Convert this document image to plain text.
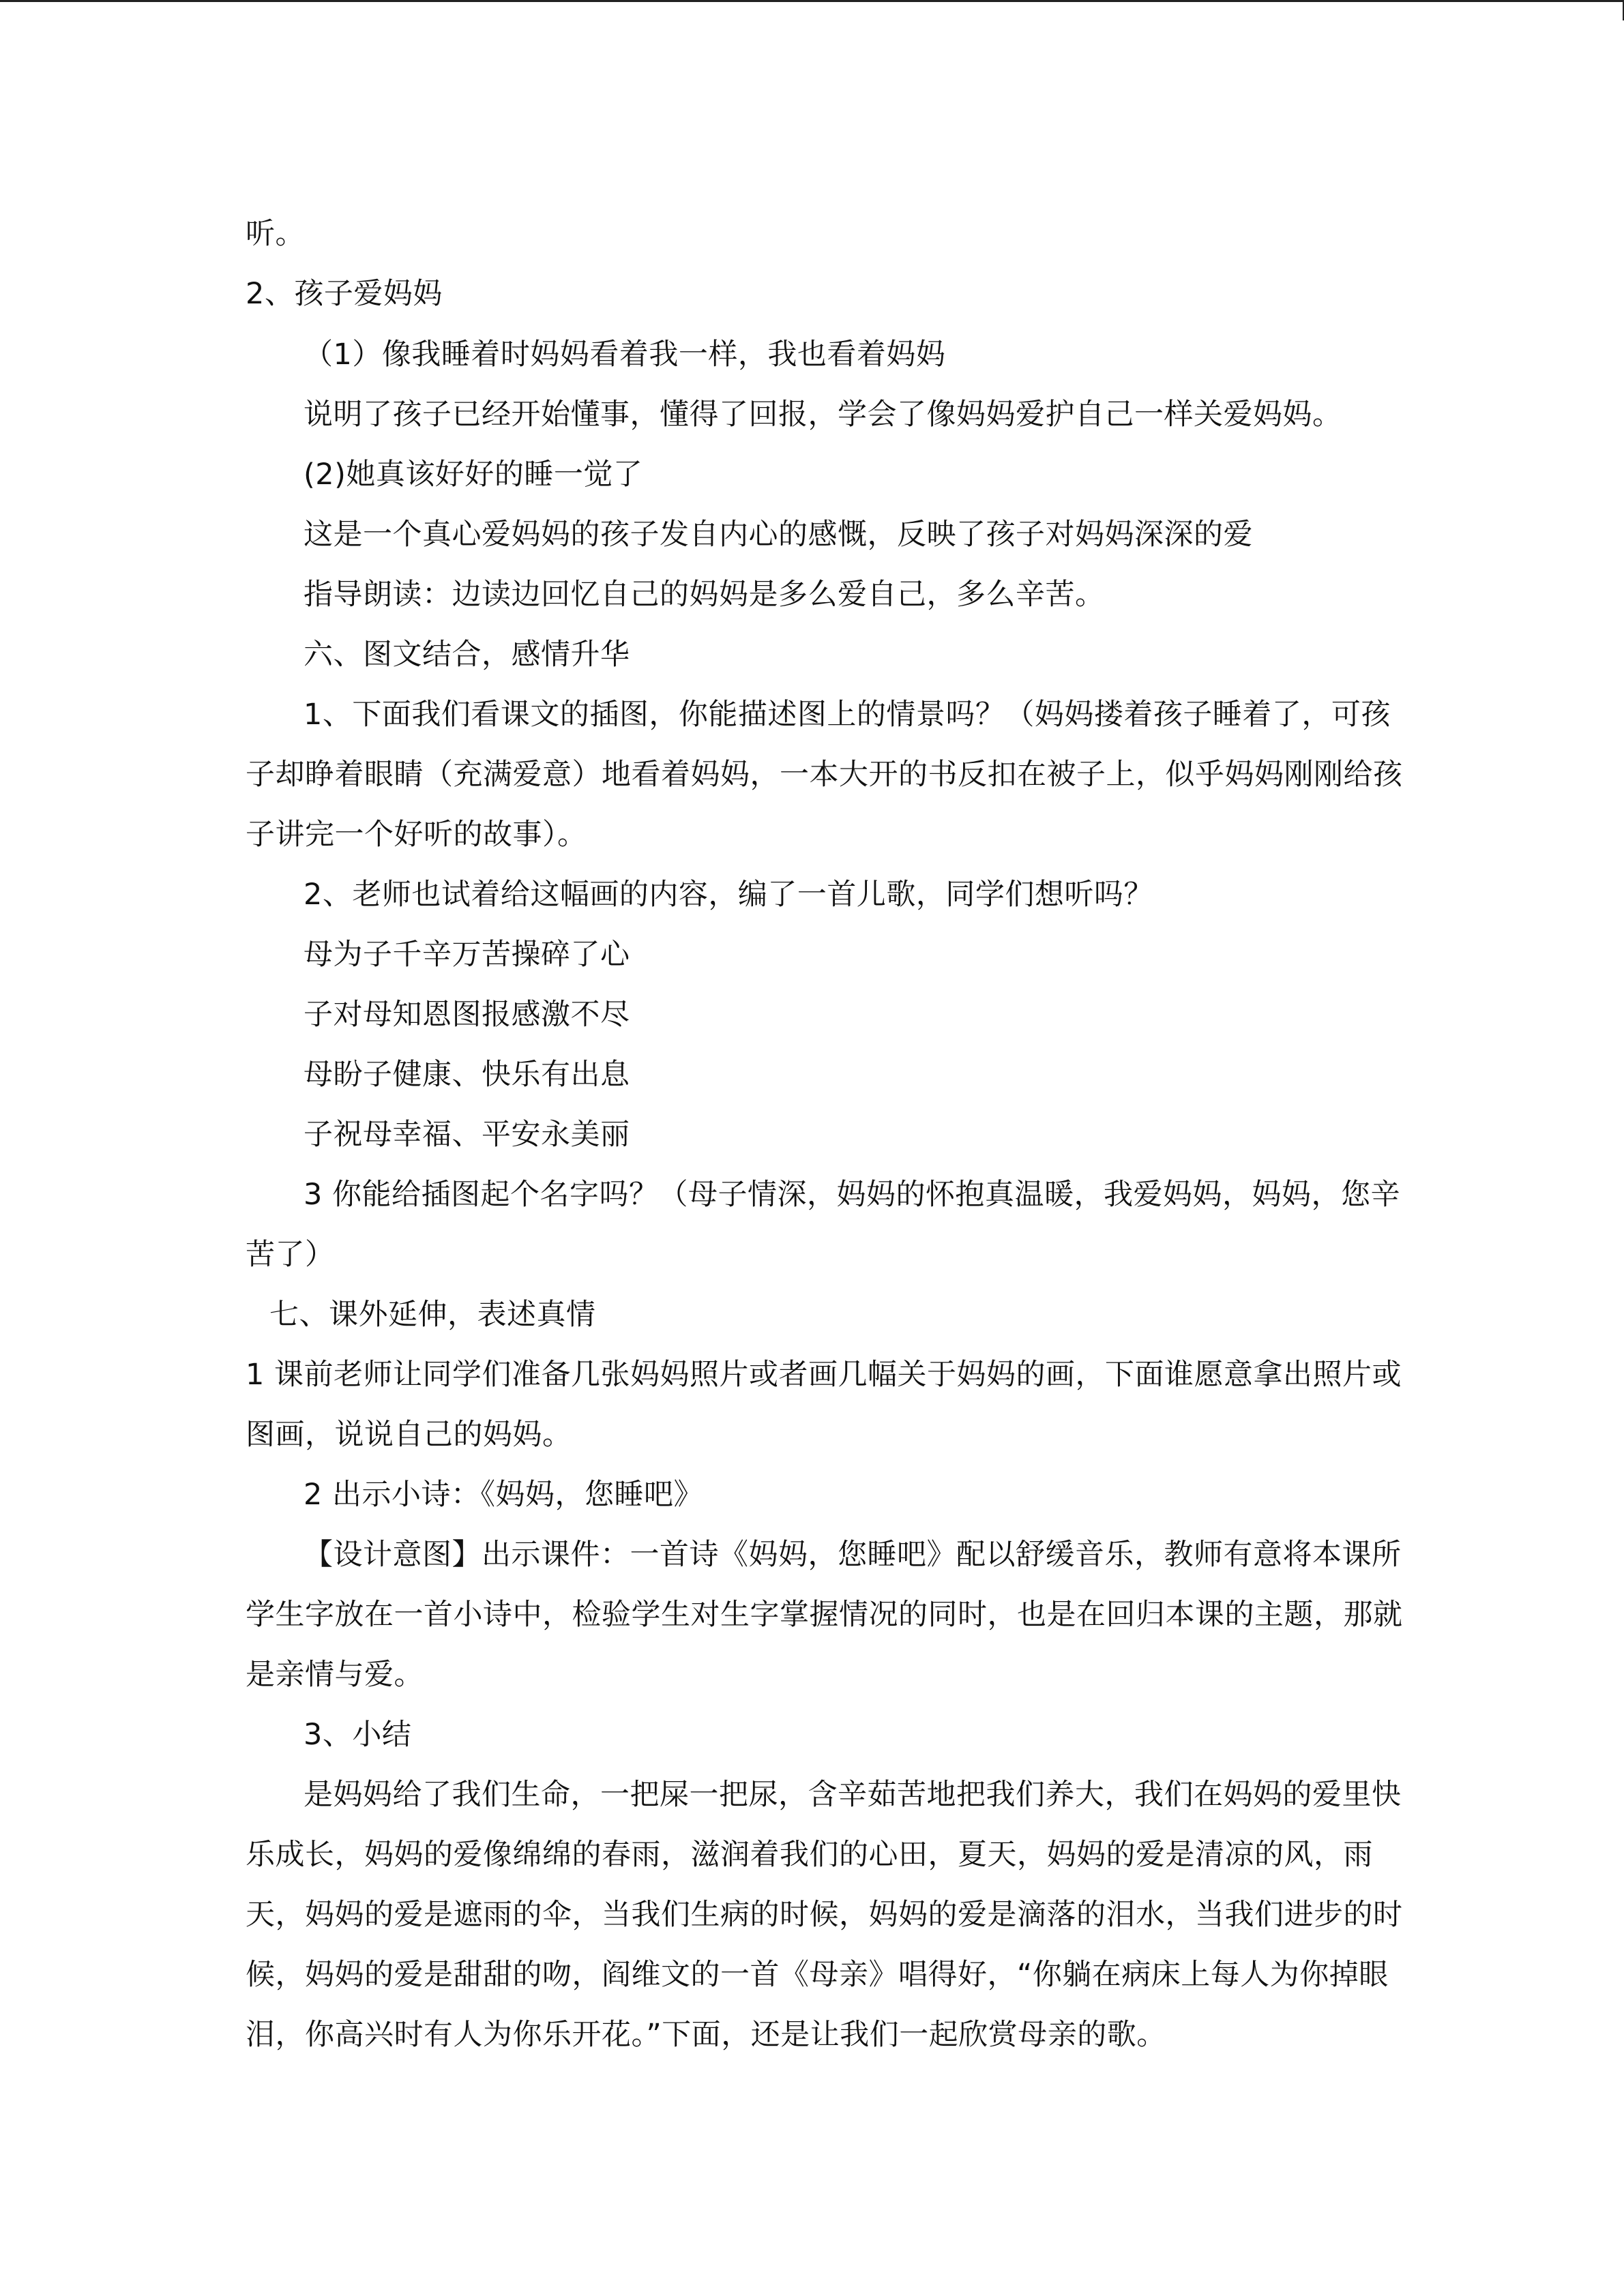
听。
2、孩子爱妈妈
（1）像我睡着时妈妈看着我一样，我也看着妈妈
说明了孩子已经开始懂事，懂得了回报，学会了像妈妈爱护自己一样关爱妈妈。
(2)她真该好好的睡一觉了
这是一个真心爱妈妈的孩子发自内心的感慨，反映了孩子对妈妈深深的爱
指导朗读：边读边回忆自己的妈妈是多么爱自己，多么辛苦。
六、图文结合，感情升华
1、下面我们看课文的插图，你能描述图上的情景吗？（妈妈搂着孩子睡着了，可孩
子却睁着眼睛（充满爱意）地看着妈妈，一本大开的书反扣在被子上，似乎妈妈刚刚给孩
子讲完一个好听的故事）。
2、老师也试着给这幅画的内容，编了一首儿歌，同学们想听吗？
母为子千辛万苦操碎了心
子对母知恩图报感激不尽
母盼子健康、快乐有出息
子祝母幸福、平安永美丽
3 你能给插图起个名字吗？（母子情深，妈妈的怀抱真温暖，我爱妈妈，妈妈，您辛
苦了）
七、课外延伸，表述真情
1 课前老师让同学们准备几张妈妈照片或者画几幅关于妈妈的画，下面谁愿意拿出照片或
图画，说说自己的妈妈。
2 出示小诗：《妈妈，您睡吧》
【设计意图】出示课件：一首诗《妈妈，您睡吧》配以舒缓音乐，教师有意将本课所
学生字放在一首小诗中，检验学生对生字掌握情况的同时，也是在回归本课的主题，那就
是亲情与爱。
3、小结
是妈妈给了我们生命，一把屎一把尿，含辛茹苦地把我们养大，我们在妈妈的爱里快
乐成长，妈妈的爱像绵绵的春雨，滋润着我们的心田，夏天，妈妈的爱是清凉的风，雨
天，妈妈的爱是遮雨的伞，当我们生病的时候，妈妈的爱是滴落的泪水，当我们进步的时
候，妈妈的爱是甜甜的吻，阎维文的一首《母亲》唱得好，“你躺在病床上每人为你掉眼
泪，你高兴时有人为你乐开花。”下面，还是让我们一起欣赏母亲的歌。
